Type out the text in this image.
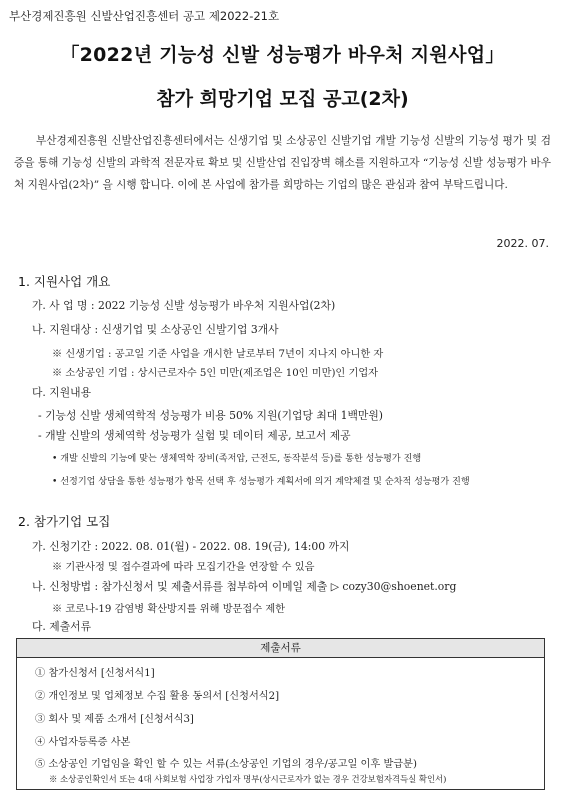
부산경제진흥원 신발산업진흥센터 공고 제2022-21호
「2022년 기능성 신발 성능평가 바우처 지원사업」
참가 희망기업 모집 공고(2차)
부산경제진흥원 신발산업진흥센터에서는 신생기업 및 소상공인 신발기업 개발 기능성 신발의 기능성 평가 및 검증을 통해 기능성 신발의 과학적 전문자료 확보 및 신발산업 진입장벽 해소를 지원하고자 “기능성 신발 성능평가 바우처 지원사업(2차)” 을 시행 합니다. 이에 본 사업에 참가를 희망하는 기업의 많은 관심과 참여 부탁드립니다.
2022. 07.
1. 지원사업 개요
가. 사 업 명 : 2022 기능성 신발 성능평가 바우처 지원사업(2차)
나. 지원대상 : 신생기업 및 소상공인 신발기업 3개사
※ 신생기업 : 공고일 기준 사업을 개시한 날로부터 7년이 지나지 아니한 자
※ 소상공인 기업 : 상시근로자수 5인 미만(제조업은 10인 미만)인 기업자
다. 지원내용
- 기능성 신발 생체역학적 성능평가 비용 50% 지원(기업당 최대 1백만원)
- 개발 신발의 생체역학 성능평가 실험 및 데이터 제공, 보고서 제공
• 개발 신발의 기능에 맞는 생체역학 장비(족저압, 근전도, 동작분석 등)를 통한 성능평가 진행
• 선정기업 상담을 통한 성능평가 항목 선택 후 성능평가 계획서에 의거 계약체결 및 순차적 성능평가 진행
2. 참가기업 모집
가. 신청기간 : 2022. 08. 01(월) - 2022. 08. 19(금), 14:00 까지
※ 기관사정 및 접수결과에 따라 모집기간을 연장할 수 있음
나. 신청방법 : 참가신청서 및 제출서류를 첨부하여 이메일 제출 ▷ cozy30@shoenet.org
※ 코로나-19 감염병 확산방지를 위해 방문접수 제한
다. 제출서류
제출서류
① 참가신청서 [신청서식1]
② 개인정보 및 업체정보 수집 활용 동의서 [신청서식2]
③ 회사 및 제품 소개서 [신청서식3]
④ 사업자등록증 사본
⑤ 소상공인 기업임을 확인 할 수 있는 서류(소상공인 기업의 경우/공고일 이후 발급분)
※ 소상공인확인서 또는 4대 사회보험 사업장 가입자 명부(상시근로자가 없는 경우 건강보험자격득실 확인서)
